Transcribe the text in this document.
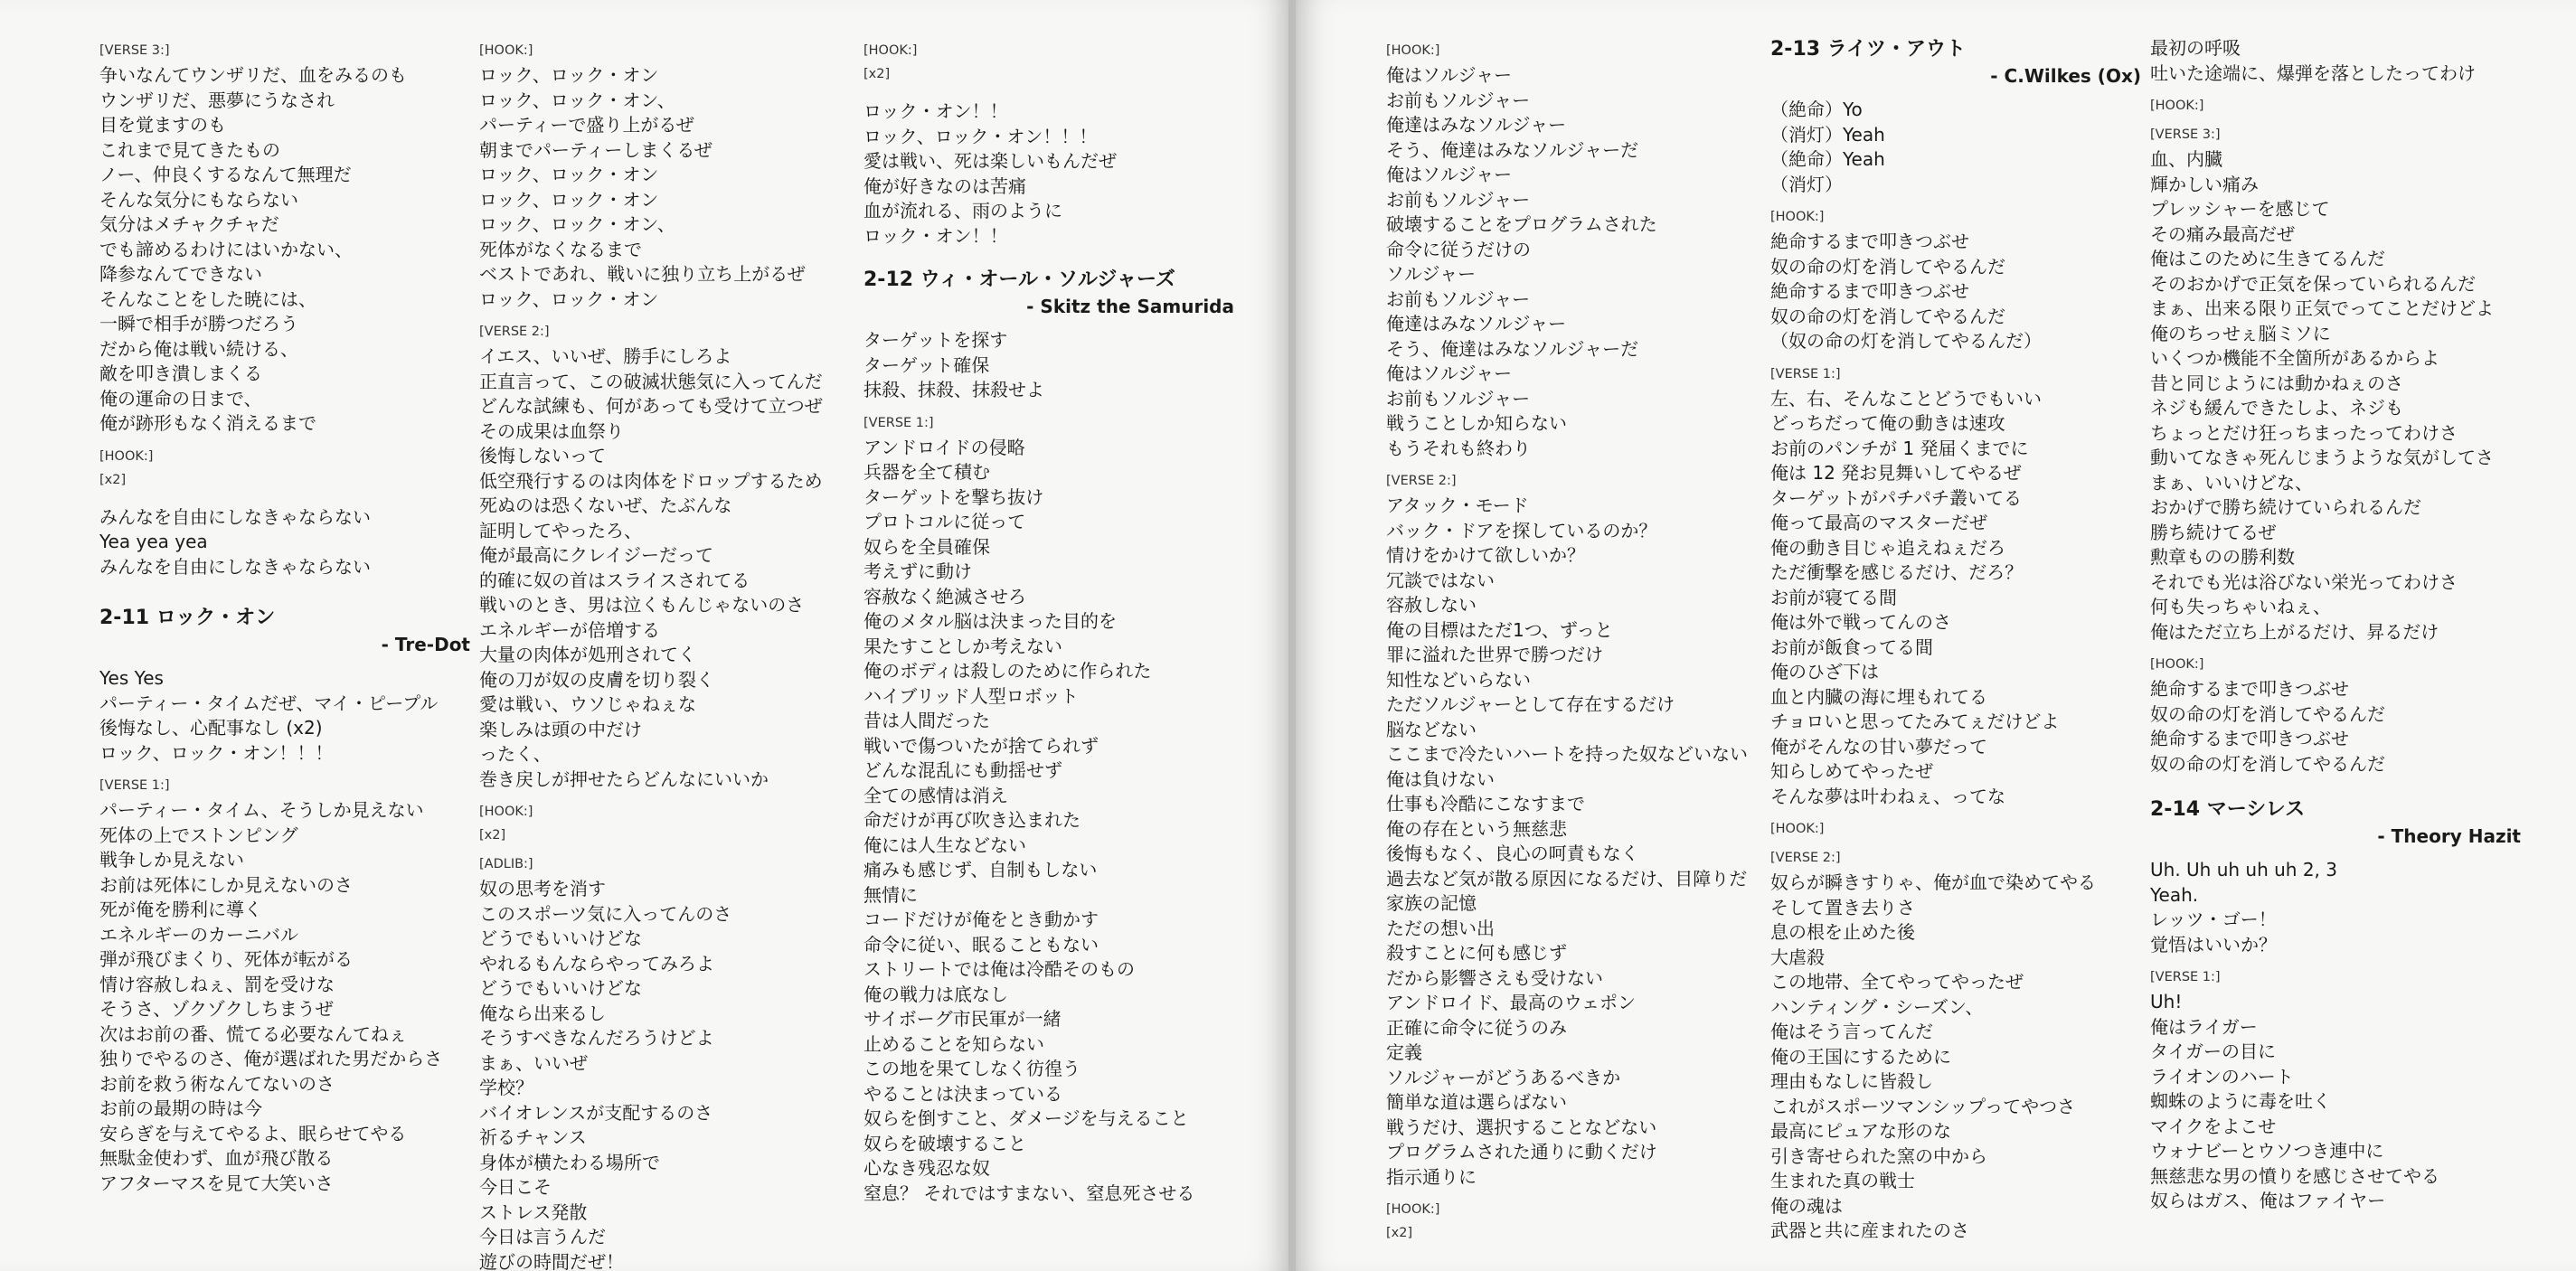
[VERSE 3:]
争いなんてウンザリだ、血をみるのも
ウンザリだ、悪夢にうなされ
目を覚ますのも
これまで見てきたもの
ノー、仲良くするなんて無理だ
そんな気分にもならない
気分はメチャクチャだ
でも諦めるわけにはいかない、
降参なんてできない
そんなことをした暁には、
一瞬で相手が勝つだろう
だから俺は戦い続ける、
敵を叩き潰しまくる
俺の運命の日まで、
俺が跡形もなく消えるまで
[HOOK:]
[x2]
みんなを自由にしなきゃならない
Yea yea yea
みんなを自由にしなきゃならない
2-11 ロック・オン
- Tre-Dot
Yes Yes
パーティー・タイムだぜ、マイ・ピープル
後悔なし、心配事なし (x2)
ロック、ロック・オン！！！
[VERSE 1:]
パーティー・タイム、そうしか見えない
死体の上でストンピング
戦争しか見えない
お前は死体にしか見えないのさ
死が俺を勝利に導く
エネルギーのカーニバル
弾が飛びまくり、死体が転がる
情け容赦しねぇ、罰を受けな
そうさ、ゾクゾクしちまうぜ
次はお前の番、慌てる必要なんてねぇ
独りでやるのさ、俺が選ばれた男だからさ
お前を救う術なんてないのさ
お前の最期の時は今
安らぎを与えてやるよ、眠らせてやる
無駄金使わず、血が飛び散る
アフターマスを見て大笑いさ
[HOOK:]
ロック、ロック・オン
ロック、ロック・オン、
パーティーで盛り上がるぜ
朝までパーティーしまくるぜ
ロック、ロック・オン
ロック、ロック・オン
ロック、ロック・オン、
死体がなくなるまで
ベストであれ、戦いに独り立ち上がるぜ
ロック、ロック・オン
[VERSE 2:]
イエス、いいぜ、勝手にしろよ
正直言って、この破滅状態気に入ってんだ
どんな試練も、何があっても受けて立つぜ
その成果は血祭り
後悔しないって
低空飛行するのは肉体をドロップするため
死ぬのは恐くないぜ、たぶんな
証明してやったろ、
俺が最高にクレイジーだって
的確に奴の首はスライスされてる
戦いのとき、男は泣くもんじゃないのさ
エネルギーが倍増する
大量の肉体が処刑されてく
俺の刀が奴の皮膚を切り裂く
愛は戦い、ウソじゃねぇな
楽しみは頭の中だけ
ったく、
巻き戻しが押せたらどんなにいいか
[HOOK:]
[x2]
[ADLIB:]
奴の思考を消す
このスポーツ気に入ってんのさ
どうでもいいけどな
やれるもんならやってみろよ
どうでもいいけどな
俺なら出来るし
そうすべきなんだろうけどよ
まぁ、いいぜ
学校？
バイオレンスが支配するのさ
祈るチャンス
身体が横たわる場所で
今日こそ
ストレス発散
今日は言うんだ
遊びの時間だぜ！
[HOOK:]
[x2]
ロック・オン！！
ロック、ロック・オン！！！
愛は戦い、死は楽しいもんだぜ
俺が好きなのは苦痛
血が流れる、雨のように
ロック・オン！！
2-12 ウィ・オール・ソルジャーズ
- Skitz the Samurida
ターゲットを探す
ターゲット確保
抹殺、抹殺、抹殺せよ
[VERSE 1:]
アンドロイドの侵略
兵器を全て積む
ターゲットを撃ち抜け
プロトコルに従って
奴らを全員確保
考えずに動け
容赦なく絶滅させろ
俺のメタル脳は決まった目的を
果たすことしか考えない
俺のボディは殺しのために作られた
ハイブリッド人型ロボット
昔は人間だった
戦いで傷ついたが捨てられず
どんな混乱にも動揺せず
全ての感情は消え
命だけが再び吹き込まれた
俺には人生などない
痛みも感じず、自制もしない
無情に
コードだけが俺をとき動かす
命令に従い、眠ることもない
ストリートでは俺は冷酷そのもの
俺の戦力は底なし
サイボーグ市民軍が一緒
止めることを知らない
この地を果てしなく彷徨う
やることは決まっている
奴らを倒すこと、ダメージを与えること
奴らを破壊すること
心なき残忍な奴
窒息？ それではすまない、窒息死させる
[HOOK:]
俺はソルジャー
お前もソルジャー
俺達はみなソルジャー
そう、俺達はみなソルジャーだ
俺はソルジャー
お前もソルジャー
破壊することをプログラムされた
命令に従うだけの
ソルジャー
お前もソルジャー
俺達はみなソルジャー
そう、俺達はみなソルジャーだ
俺はソルジャー
お前もソルジャー
戦うことしか知らない
もうそれも終わり
[VERSE 2:]
アタック・モード
バック・ドアを探しているのか？
情けをかけて欲しいか？
冗談ではない
容赦しない
俺の目標はただ1つ、ずっと
罪に溢れた世界で勝つだけ
知性などいらない
ただソルジャーとして存在するだけ
脳などない
ここまで冷たいハートを持った奴などいない
俺は負けない
仕事も冷酷にこなすまで
俺の存在という無慈悲
後悔もなく、良心の呵責もなく
過去など気が散る原因になるだけ、目障りだ
家族の記憶
ただの想い出
殺すことに何も感じず
だから影響さえも受けない
アンドロイド、最高のウェポン
正確に命令に従うのみ
定義
ソルジャーがどうあるべきか
簡単な道は選らばない
戦うだけ、選択することなどない
プログラムされた通りに動くだけ
指示通りに
[HOOK:]
[x2]
2-13 ライツ・アウト
- C.Wilkes (Ox)
（絶命）Yo
（消灯）Yeah
（絶命）Yeah
（消灯）
[HOOK:]
絶命するまで叩きつぶせ
奴の命の灯を消してやるんだ
絶命するまで叩きつぶせ
奴の命の灯を消してやるんだ
（奴の命の灯を消してやるんだ）
[VERSE 1:]
左、右、そんなことどうでもいい
どっちだって俺の動きは速攻
お前のパンチが 1 発届くまでに
俺は 12 発お見舞いしてやるぜ
ターゲットがパチパチ叢いてる
俺って最高のマスターだぜ
俺の動き目じゃ追えねぇだろ
ただ衝撃を感じるだけ、だろ？
お前が寝てる間
俺は外で戦ってんのさ
お前が飯食ってる間
俺のひざ下は
血と内臓の海に埋もれてる
チョロいと思ってたみてぇだけどよ
俺がそんなの甘い夢だって
知らしめてやったぜ
そんな夢は叶わねぇ、ってな
[HOOK:]
[VERSE 2:]
奴らが瞬きすりゃ、俺が血で染めてやる
そして置き去りさ
息の根を止めた後
大虐殺
この地帯、全てやってやったぜ
ハンティング・シーズン、
俺はそう言ってんだ
俺の王国にするために
理由もなしに皆殺し
これがスポーツマンシップってやつさ
最高にピュアな形のな
引き寄せられた窯の中から
生まれた真の戦士
俺の魂は
武器と共に産まれたのさ
最初の呼吸
吐いた途端に、爆弾を落としたってわけ
[HOOK:]
[VERSE 3:]
血、内臓
輝かしい痛み
プレッシャーを感じて
その痛み最高だぜ
俺はこのために生きてるんだ
そのおかげで正気を保っていられるんだ
まぁ、出来る限り正気でってことだけどよ
俺のちっせぇ脳ミソに
いくつか機能不全箇所があるからよ
昔と同じようには動かねぇのさ
ネジも緩んできたしよ、ネジも
ちょっとだけ狂っちまったってわけさ
動いてなきゃ死んじまうような気がしてさ
まぁ、いいけどな、
おかげで勝ち続けていられるんだ
勝ち続けてるぜ
勲章ものの勝利数
それでも光は浴びない栄光ってわけさ
何も失っちゃいねぇ、
俺はただ立ち上がるだけ、昇るだけ
[HOOK:]
絶命するまで叩きつぶせ
奴の命の灯を消してやるんだ
絶命するまで叩きつぶせ
奴の命の灯を消してやるんだ
2-14 マーシレス
- Theory Hazit
Uh. Uh uh uh uh 2, 3
Yeah.
レッツ・ゴー！
覚悟はいいか？
[VERSE 1:]
Uh!
俺はライガー
タイガーの目に
ライオンのハート
蜘蛛のように毒を吐く
マイクをよこせ
ウォナビーとウソつき連中に
無慈悲な男の憤りを感じさせてやる
奴らはガス、俺はファイヤー
